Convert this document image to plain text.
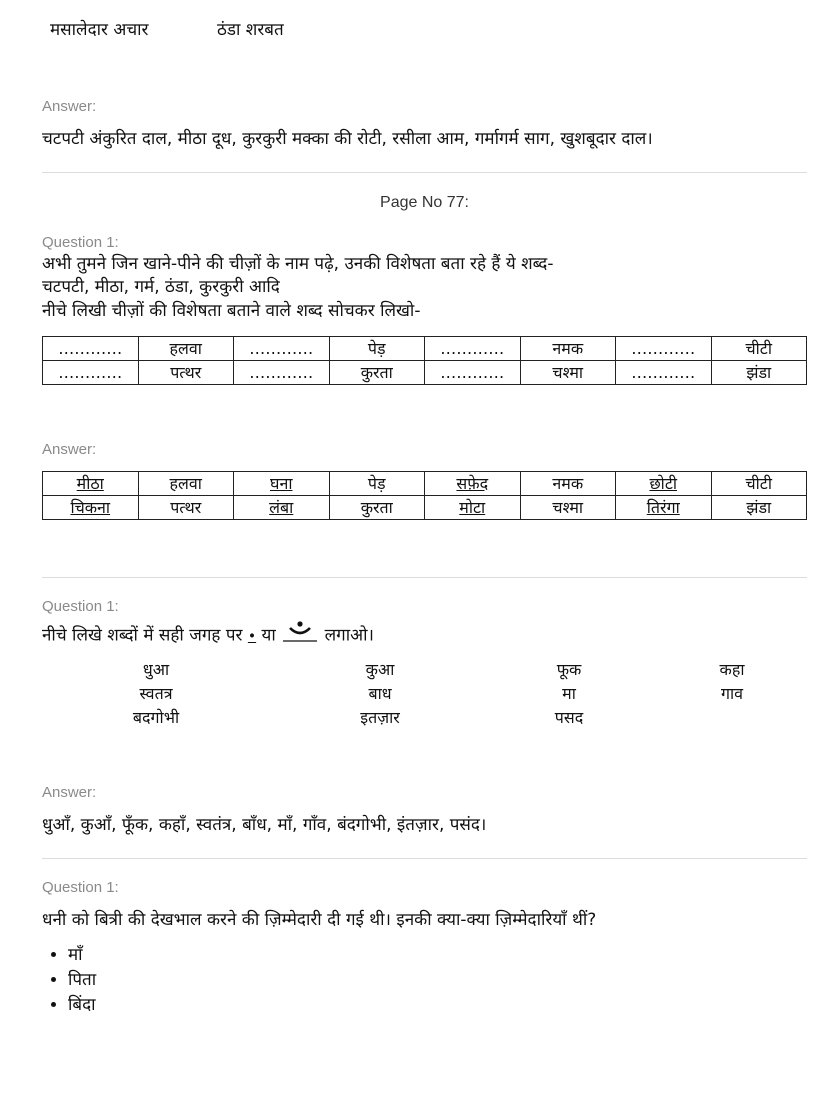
मसालेदार अचार	ठंडा शरबत
Answer:
चटपटी अंकुरित दाल, मीठा दूध, कुरकुरी मक्का की रोटी, रसीला आम, गर्मागर्म साग, खुशबूदार दाल।
Page No 77:
Question 1:
अभी तुमने जिन खाने-पीने की चीज़ों के नाम पढ़े, उनकी विशेषता बता रहे हैं ये शब्द-
चटपटी, मीठा, गर्म, ठंडा, कुरकुरी आदि
नीचे लिखी चीज़ों की विशेषता बताने वाले शब्द सोचकर लिखो-
…………	हलवा	…………	पेड़	…………	नमक	…………	चीटी
…………	पत्थर	…………	कुरता	…………	चश्मा	…………	झंडा
Answer:
मीठा	हलवा	घना	पेड़	सफ़ेद	नमक	छोटी	चीटी
चिकना	पत्थर	लंबा	कुरता	मोटा	चश्मा	तिरंगा	झंडा
Question 1:
नीचे लिखे शब्दों में सही जगह पर • या	लगाओ।
धुआ	कुआ	फूक	कहा
स्वतत्र	बाध	मा	गाव
बदगोभी	इतज़ार	पसद
Answer:
धुआँ, कुआँ, फूँक, कहाँ, स्वतंत्र, बाँध, माँ, गाँव, बंदगोभी, इंतज़ार, पसंद।
Question 1:
धनी को बित्री की देखभाल करने की ज़िम्मेदारी दी गई थी। इनकी क्या-क्या ज़िम्मेदारियाँ थीं?
• माँ
• पिता
• बिंदा
